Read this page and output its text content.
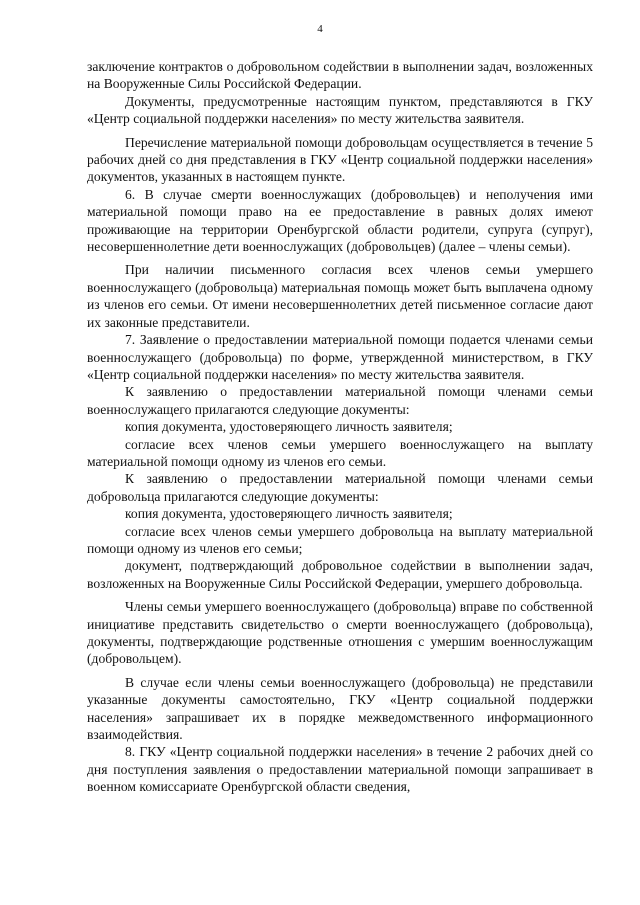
4

заключение контрактов о добровольном содействии в выполнении задач, возложенных на Вооруженные Силы Российской Федерации.

Документы, предусмотренные настоящим пунктом, представляются в ГКУ «Центр социальной поддержки населения» по месту жительства заявителя.

Перечисление материальной помощи добровольцам осуществляется в течение 5 рабочих дней со дня представления в ГКУ «Центр социальной поддержки населения» документов, указанных в настоящем пункте.

6. В случае смерти военнослужащих (добровольцев) и неполучения ими материальной помощи право на ее предоставление в равных долях имеют проживающие на территории Оренбургской области родители, супруга (супруг), несовершеннолетние дети военнослужащих (добровольцев) (далее – члены семьи).

При наличии письменного согласия всех членов семьи умершего военнослужащего (добровольца) материальная помощь может быть выплачена одному из членов его семьи. От имени несовершеннолетних детей письменное согласие дают их законные представители.

7. Заявление о предоставлении материальной помощи подается членами семьи военнослужащего (добровольца) по форме, утвержденной министерством, в ГКУ «Центр социальной поддержки населения» по месту жительства заявителя.

К заявлению о предоставлении материальной помощи членами семьи военнослужащего прилагаются следующие документы:

копия документа, удостоверяющего личность заявителя;

согласие всех членов семьи умершего военнослужащего на выплату материальной помощи одному из членов его семьи.

К заявлению о предоставлении материальной помощи членами семьи добровольца прилагаются следующие документы:

копия документа, удостоверяющего личность заявителя;

согласие всех членов семьи умершего добровольца на выплату материальной помощи одному из членов его семьи;

документ, подтверждающий добровольное содействии в выполнении задач, возложенных на Вооруженные Силы Российской Федерации, умершего добровольца.

Члены семьи умершего военнослужащего (добровольца) вправе по собственной инициативе представить свидетельство о смерти военнослужащего (добровольца), документы, подтверждающие родственные отношения с умершим военнослужащим (добровольцем).

В случае если члены семьи военнослужащего (добровольца) не представили указанные документы самостоятельно, ГКУ «Центр социальной поддержки населения» запрашивает их в порядке межведомственного информационного взаимодействия.

8. ГКУ «Центр социальной поддержки населения» в течение 2 рабочих дней со дня поступления заявления о предоставлении материальной помощи запрашивает в военном комиссариате Оренбургской области сведения,
